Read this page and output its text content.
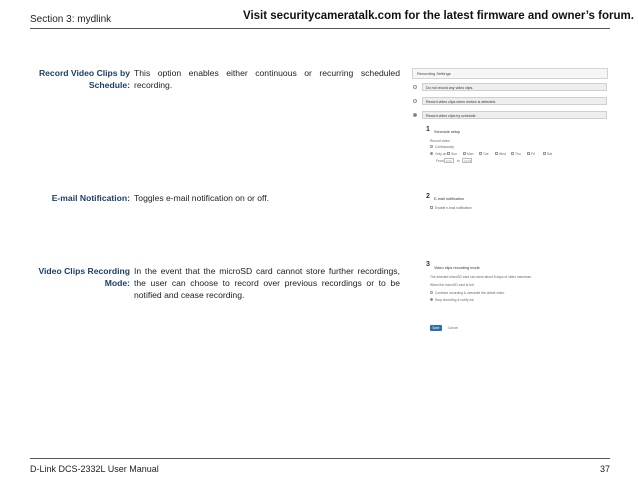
Section 3: mydlink	Visit securitycameratalk.com for the latest firmware and owner’s forum.
Record Video Clips by
Schedule:
This option enables either continuous or recurring scheduled recording.
E-mail Notification: Toggles e-mail notification on or off.
Video Clips Recording
Mode:
In the event that the microSD card cannot store further recordings, the user can choose to record over previous recordings or to be notified and cease recording.
Recording Settings
Do not record any video clips.
Record video clips when motion is detected.
Record video clips by schedule.
1 Schedule setup
Record video:
Continuously
Only on Sun	Mon	Tue	Wed	Thu	Fri	Sat
From 0:00 to 23:59
2 E-mail notification
Enable e-mail notification
3 Video clips recording mode
The inserted microSD card can store about 8 days of video maximum.
When the microSD card is full:
Continue recording & overwrite the oldest video
Stop recording & notify me
Save	Cancel
D-Link DCS-2332L User Manual	37
